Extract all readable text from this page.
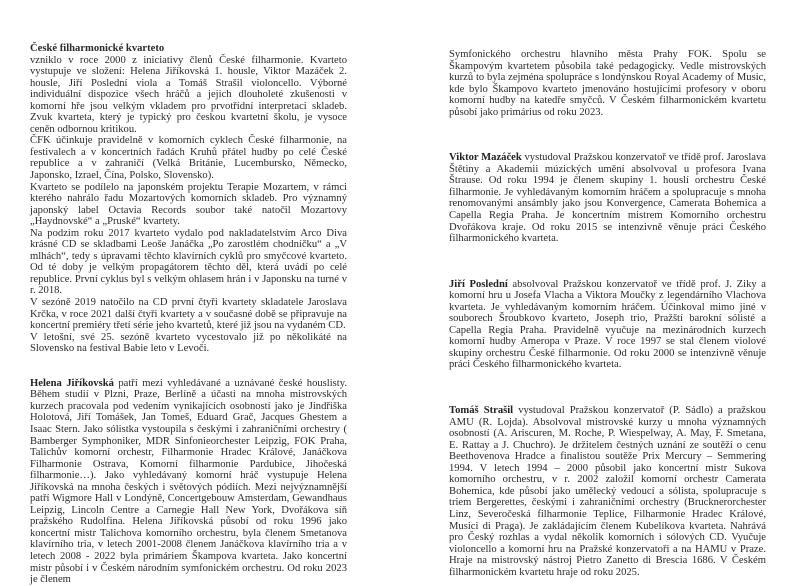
České filharmonické kvarteto

vzniklo v roce 2000 z iniciativy členů České filharmonie. Kvarteto vystupuje ve složení: Helena Jiříkovská 1. housle, Viktor Mazáček 2. housle, Jiří Poslední viola a Tomáš Strašil violoncello. Výborné individuální dispozice všech hráčů a jejich dlouholeté zkušenosti v komorní hře jsou velkým vkladem pro prvotřídní interpretaci skladeb. Zvuk kvarteta, který je typický pro českou kvartetní školu, je vysoce ceněn odbornou kritikou.

ČFK účinkuje pravidelně v komorních cyklech České filharmonie, na festivalech a v koncertních řadách Kruhů přátel hudby po celé České republice a v zahraničí (Velká Británie, Lucembursko, Německo, Japonsko, Izrael, Čína, Polsko, Slovensko).

Kvarteto se podílelo na japonském projektu Terapie Mozartem, v rámci kterého nahrálo řadu Mozartových komorních skladeb. Pro významný japonský label Octavia Records soubor také natočil Mozartovy „Haydnovské“ a „Pruské“ kvartety.

Na podzim roku 2017 kvarteto vydalo pod nakladatelstvím Arco Diva krásné CD se skladbami Leoše Janáčka „Po zarostlém chodníčku“ a „V mlhách“, tedy s úpravami těchto klavírních cyklů pro smyčcové kvarteto. Od té doby je velkým propagátorem těchto děl, která uvádí po celé republice. První cyklus byl s velkým ohlasem hrán i v Japonsku na turné v r. 2018.

V sezóně 2019 natočilo na CD první čtyři kvartety skladatele Jaroslava Krčka, v roce 2021 další čtyři kvartety a v současné době se připravuje na koncertní premiéry třetí série jeho kvartetů, které již jsou na vydaném CD.

V letošní, své 25. sezóně kvarteto vycestovalo již po několikáté na Slovensko na festival Babie leto v Levoči.

Helena Jiříkovská patří mezi vyhledávané a uznávané české houslisty. Během studií v Plzni, Praze, Berlíně a účasti na mnoha mistrovských kurzech pracovala pod vedením vynikajících osobností jako je Jindřiška Holotová, Jiří Tomášek, Jan Tomeš, Eduard Grač, Jacques Ghestem a Isaac Stern. Jako sólistka vystoupila s českými i zahraničními orchestry ( Bamberger Symphoniker, MDR Sinfonieorchester Leipzig, FOK Praha, Talichův komorní orchestr, Filharmonie Hradec Králové, Janáčkova Filharmonie Ostrava, Komorní filharmonie Pardubice, Jihočeská filharmonie…). Jako vyhledávaný komorní hráč vystupuje Helena Jiříkovská na mnoha českých i světových pódiích. Mezi nejvýznamnější patří Wigmore Hall v Londýně, Concertgebouw Amsterdam, Gewandhaus Leipzig, Lincoln Centre a Carnegie Hall New York, Dvořákova síň pražského Rudolfina. Helena Jiříkovská působí od roku 1996 jako koncertní mistr Talichova komorního orchestru, byla členem Smetanova klavírního tria, v letech 2001-2008 členem Janáčkova klavírního tria a v letech 2008 - 2022 byla primáriem Škampova kvarteta. Jako koncertní mistr působí i v Českém národním symfonickém orchestru. Od roku 2023 je členem

Symfonického orchestru hlavního města Prahy FOK. Spolu se Škampovým kvartetem působila také pedagogicky. Vedle mistrovských kurzů to byla zejména spolupráce s londýnskou Royal Academy of Music, kde bylo Škampovo kvarteto jmenováno hostujícími profesory v oboru komorní hudby na katedře smyčců. V Českém filharmonickém kvartetu působí jako primárius od roku 2023.

Viktor Mazáček vystudoval Pražskou konzervatoř ve třídě prof. Jaroslava Štětiny a Akademii múzických umění absolvoval u profesora Ivana Štrause. Od roku 1994 je členem skupiny 1. houslí orchestru České filharmonie. Je vyhledávaným komorním hráčem a spolupracuje s mnoha renomovanými ansámbly jako jsou Konvergence, Camerata Bohemica a Capella Regia Praha. Je koncertním mistrem Komorního orchestru Dvořákova kraje. Od roku 2015 se intenzivně věnuje práci Českého filharmonického kvarteta.

Jiří Poslední absolvoval Pražskou konzervatoř ve třídě prof. J. Ziky a komorní hru u Josefa Vlacha a Viktora Moučky z legendárního Vlachova kvarteta. Je vyhledávaným komorním hráčem. Účinkoval mimo jiné v souborech Šroubkovo kvarteto, Joseph trio, Pražští barokní sólisté a Capella Regia Praha. Pravidelně vyučuje na mezinárodních kurzech komorní hudby Ameropa v Praze. V roce 1997 se stal členem violové skupiny orchestru České filharmonie. Od roku 2000 se intenzivně věnuje práci Českého filharmonického kvarteta.

Tomáš Strašil vystudoval Pražskou konzervatoř (P. Sádlo) a pražskou AMU (R. Lojda). Absolvoval mistrovské kurzy u mnoha významných osobností (A. Ariscuren, M. Roche, P. Wiespelway, A. May, F. Smetana, E. Rattay a J. Chuchro). Je držitelem čestných uznání ze soutěží o cenu Beethovenova Hradce a finalistou soutěže Prix Mercury – Semmering 1994. V letech 1994 – 2000 působil jako koncertní mistr Sukova komorního orchestru, v r. 2002 založil komorní orchestr Camerata Bohemica, kde působí jako umělecký vedoucí a sólista, spolupracuje s triem Bergerettes, českými i zahraničními orchestry (Brucknerorchester Linz, Severočeská filharmonie Teplice, Filharmonie Hradec Králové, Musici di Praga). Je zakládajícím členem Kubelíkova kvarteta. Nahrává pro Český rozhlas a vydal několik komorních i sólových CD. Vyučuje violoncello a komorní hru na Pražské konzervatoři a na HAMU v Praze. Hraje na mistrovský nástroj Pietro Zanetto di Brescia 1686. V Českém filharmonickém kvartetu hraje od roku 2025.
